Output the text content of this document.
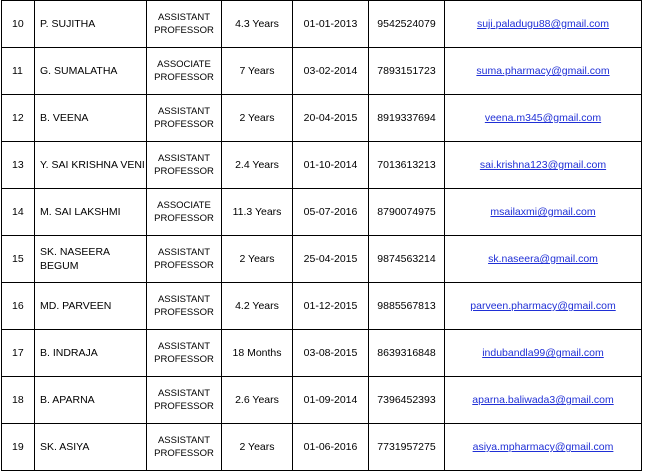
10	P. SUJITHA	ASSISTANT
PROFESSOR	4.3 Years	01-01-2013	9542524079	suji.paladugu88@gmail.com
11	G. SUMALATHA	ASSOCIATE
PROFESSOR	7 Years	03-02-2014	7893151723	suma.pharmacy@gmail.com
12	B. VEENA	ASSISTANT
PROFESSOR	2 Years	20-04-2015	8919337694	veena.m345@gmail.com
13	Y. SAI KRISHNA VENI	ASSISTANT
PROFESSOR	2.4 Years	01-10-2014	7013613213	sai.krishna123@gmail.com
14	M. SAI LAKSHMI	ASSOCIATE
PROFESSOR	11.3 Years	05-07-2016	8790074975	msailaxmi@gmail.com
15	SK. NASEERA BEGUM	ASSISTANT
PROFESSOR	2 Years	25-04-2015	9874563214	sk.naseera@gmail.com
16	MD. PARVEEN	ASSISTANT
PROFESSOR	4.2 Years	01-12-2015	9885567813	parveen.pharmacy@gmail.com
17	B. INDRAJA	ASSISTANT
PROFESSOR	18 Months	03-08-2015	8639316848	indubandla99@gmail.com
18	B. APARNA	ASSISTANT
PROFESSOR	2.6 Years	01-09-2014	7396452393	aparna.baliwada3@gmail.com
19	SK. ASIYA	ASSISTANT
PROFESSOR	2 Years	01-06-2016	7731957275	asiya.mpharmacy@gmail.com
